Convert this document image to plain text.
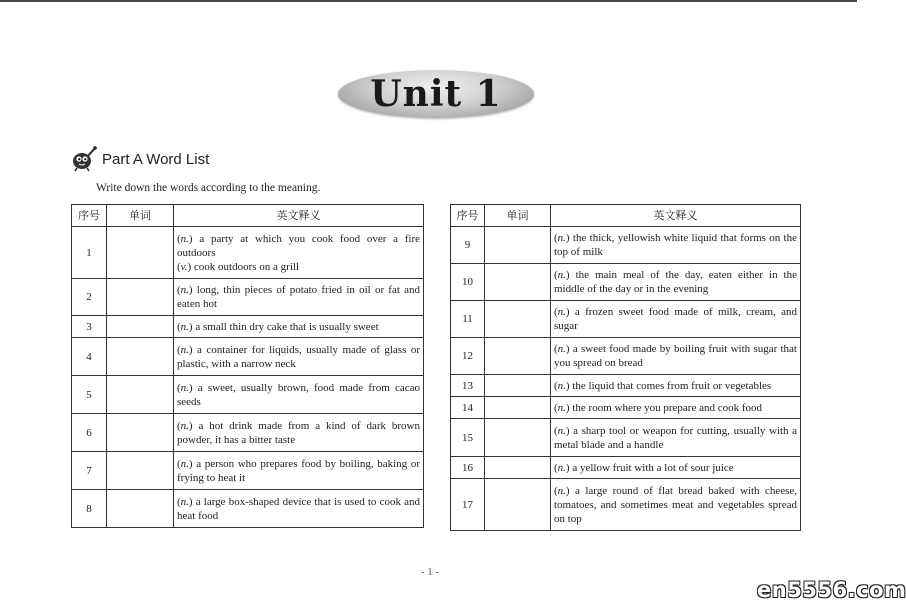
Unit 1
Part A Word List
Write down the words according to the meaning.
序号	单词	英文释义
1		(n.) a party at which you cook food over a fire outdoors
(v.) cook outdoors on a grill

2		(n.) long, thin pieces of potato fried in oil or fat and eaten hot

3		(n.) a small thin dry cake that is usually sweet

4		(n.) a container for liquids, usually made of glass or plastic, with a narrow neck

5		(n.) a sweet, usually brown, food made from cacao seeds

6		(n.) a hot drink made from a kind of dark brown powder, it has a bitter taste

7		(n.) a person who prepares food by boiling, baking or frying to heat it

8		(n.) a large box-shaped device that is used to cook and heat food
序号	单词	英文释义
9		(n.) the thick, yellowish white liquid that forms on the top of milk

10		(n.) the main meal of the day, eaten either in the middle of the day or in the evening

11		(n.) a frozen sweet food made of milk, cream, and sugar

12		(n.) a sweet food made by boiling fruit with sugar that you spread on bread

13		(n.) the liquid that comes from fruit or vegetables

14		(n.) the room where you prepare and cook food

15		(n.) a sharp tool or weapon for cutting, usually with a metal blade and a handle

16		(n.) a yellow fruit with a lot of sour juice

17		(n.) a large round of flat bread baked with cheese, tomatoes, and sometimes meat and vegetables spread on top
- 1 -
en5556.com
